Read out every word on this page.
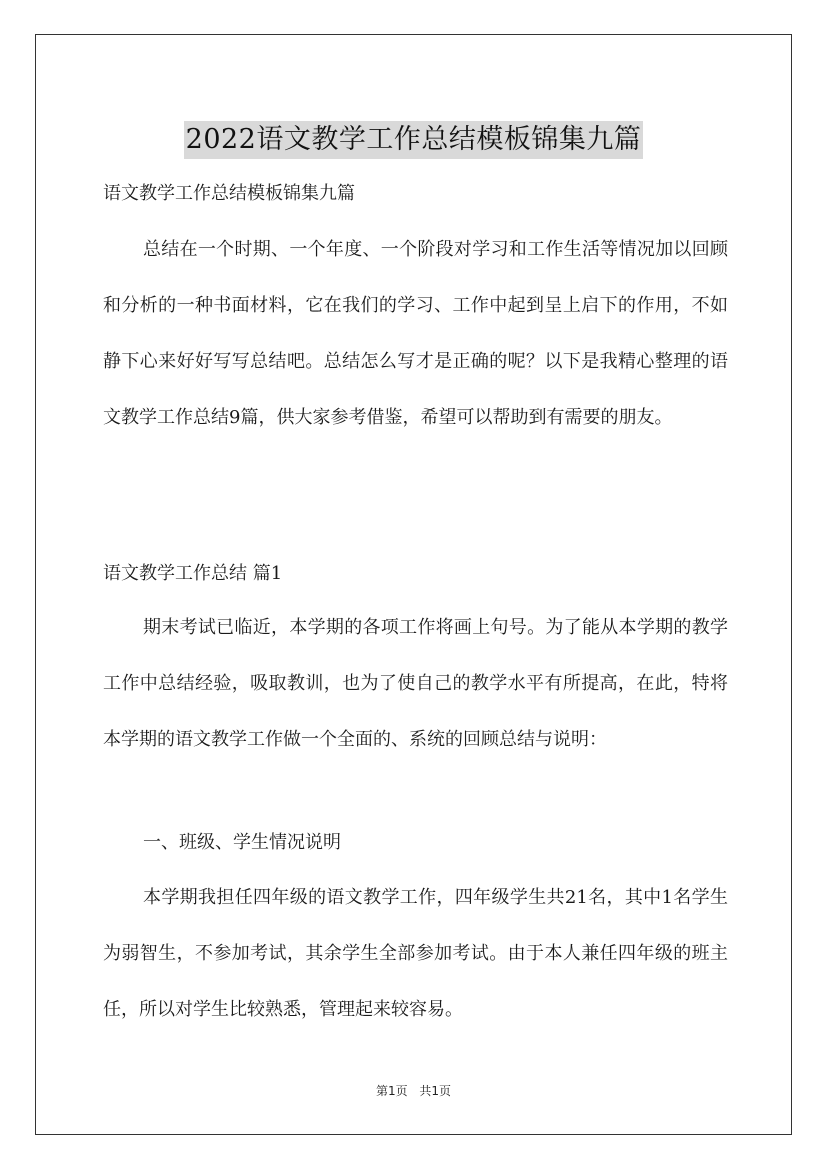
2022语文教学工作总结模板锦集九篇

语文教学工作总结模板锦集九篇

总结在一个时期、一个年度、一个阶段对学习和工作生活等情况加以回顾和分析的一种书面材料，它在我们的学习、工作中起到呈上启下的作用，不如静下心来好好写写总结吧。总结怎么写才是正确的呢？以下是我精心整理的语文教学工作总结9篇，供大家参考借鉴，希望可以帮助到有需要的朋友。

语文教学工作总结 篇1

期末考试已临近，本学期的各项工作将画上句号。为了能从本学期的教学工作中总结经验，吸取教训，也为了使自己的教学水平有所提高，在此，特将本学期的语文教学工作做一个全面的、系统的回顾总结与说明：

一、班级、学生情况说明

本学期我担任四年级的语文教学工作，四年级学生共21名，其中1名学生为弱智生，不参加考试，其余学生全部参加考试。由于本人兼任四年级的班主任，所以对学生比较熟悉，管理起来较容易。

第1页 共1页
